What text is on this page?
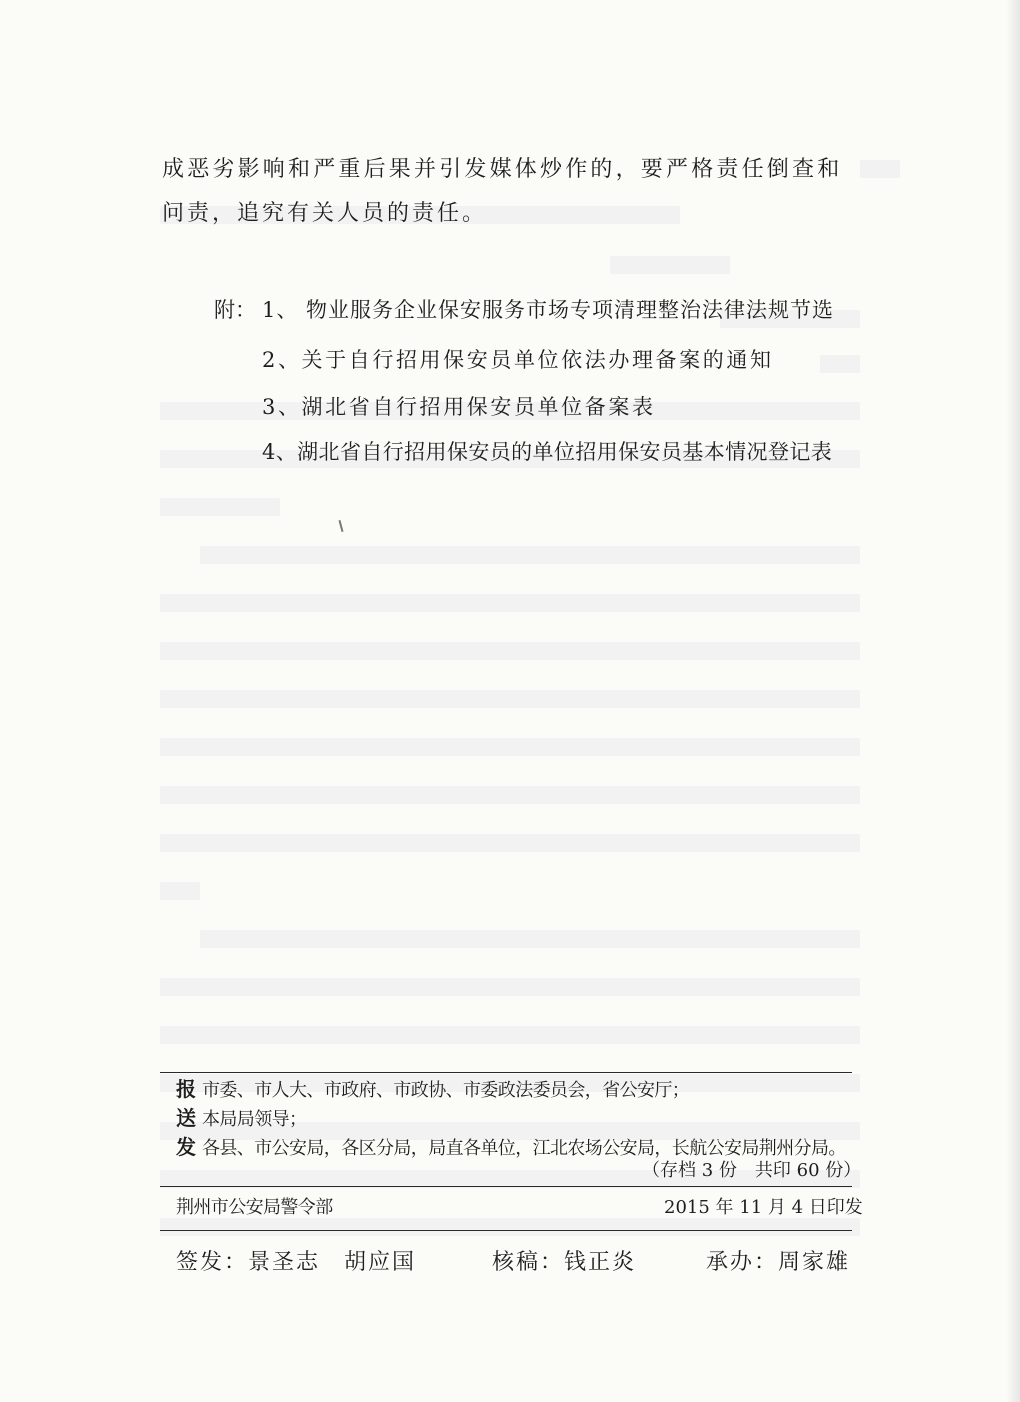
成恶劣影响和严重后果并引发媒体炒作的，要严格责任倒查和
问责，追究有关人员的责任。
附： 1、 物业服务企业保安服务市场专项清理整治法律法规节选
2、关于自行招用保安员单位依法办理备案的通知
3、湖北省自行招用保安员单位备案表
4、湖北省自行招用保安员的单位招用保安员基本情况登记表
报 市委、市人大、市政府、市政协、市委政法委员会，省公安厅；
送 本局局领导；
发 各县、市公安局，各区分局，局直各单位，江北农场公安局，长航公安局荆州分局。
（存档 3 份　共印 60 份）
荆州市公安局警令部	2015 年 11 月 4 日印发
签发：景圣志　胡应国	核稿：钱正炎	承办：周家雄
